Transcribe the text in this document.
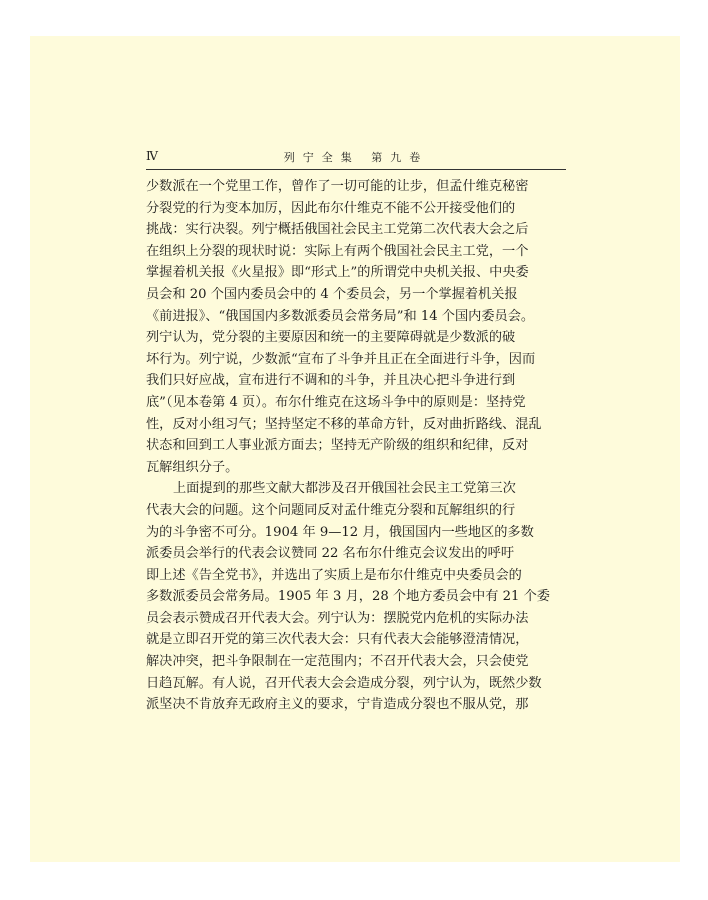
Ⅳ	列宁全集 第九卷
少数派在一个党里工作，曾作了一切可能的让步，但孟什维克秘密
分裂党的行为变本加厉，因此布尔什维克不能不公开接受他们的
挑战：实行决裂。列宁概括俄国社会民主工党第二次代表大会之后
在组织上分裂的现状时说：实际上有两个俄国社会民主工党，一个
掌握着机关报《火星报》即“形式上”的所谓党中央机关报、中央委
员会和 20 个国内委员会中的 4 个委员会，另一个掌握着机关报
《前进报》、“俄国国内多数派委员会常务局”和 14 个国内委员会。
列宁认为，党分裂的主要原因和统一的主要障碍就是少数派的破
坏行为。列宁说，少数派“宣布了斗争并且正在全面进行斗争，因而
我们只好应战，宣布进行不调和的斗争，并且决心把斗争进行到
底”（见本卷第 4 页）。布尔什维克在这场斗争中的原则是：坚持党
性，反对小组习气；坚持坚定不移的革命方针，反对曲折路线、混乱
状态和回到工人事业派方面去；坚持无产阶级的组织和纪律，反对
瓦解组织分子。
上面提到的那些文献大都涉及召开俄国社会民主工党第三次
代表大会的问题。这个问题同反对孟什维克分裂和瓦解组织的行
为的斗争密不可分。1904 年 9—12 月，俄国国内一些地区的多数
派委员会举行的代表会议赞同 22 名布尔什维克会议发出的呼吁
即上述《告全党书》，并选出了实质上是布尔什维克中央委员会的
多数派委员会常务局。1905 年 3 月，28 个地方委员会中有 21 个委
员会表示赞成召开代表大会。列宁认为：摆脱党内危机的实际办法
就是立即召开党的第三次代表大会：只有代表大会能够澄清情况，
解决冲突，把斗争限制在一定范围内；不召开代表大会，只会使党
日趋瓦解。有人说，召开代表大会会造成分裂，列宁认为，既然少数
派坚决不肯放弃无政府主义的要求，宁肯造成分裂也不服从党，那
